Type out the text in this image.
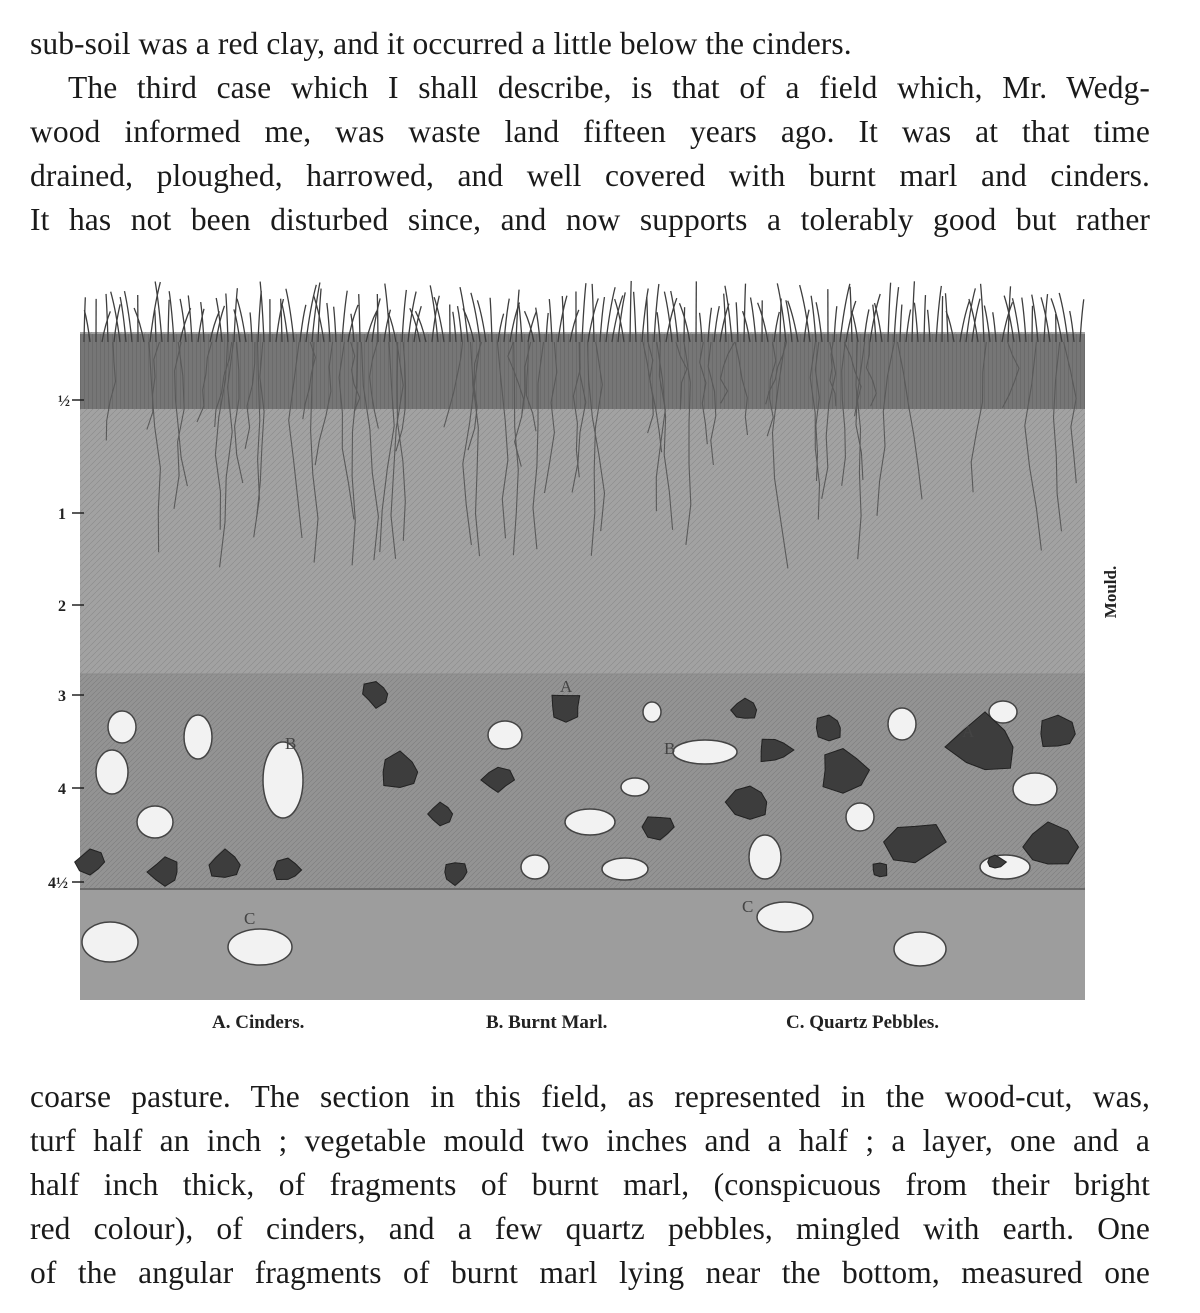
sub-soil was a red clay, and it occurred a little below the cinders.
The third case which I shall describe, is that of a field which, Mr. Wedg-
wood informed me, was waste land fifteen years ago. It was at that time
drained, ploughed, harrowed, and well covered with burnt marl and cinders.
It has not been disturbed since, and now supports a tolerably good but rather
½
1
2
3
4
4½
Mould.
A
A
B	B
C
C
A. Cinders.	B. Burnt Marl.	C. Quartz Pebbles.
coarse pasture. The section in this field, as represented in the wood-cut, was,
turf half an inch ; vegetable mould two inches and a half ; a layer, one and a
half inch thick, of fragments of burnt marl, (conspicuous from their bright
red colour), of cinders, and a few quartz pebbles, mingled with earth. One
of the angular fragments of burnt marl lying near the bottom, measured one
